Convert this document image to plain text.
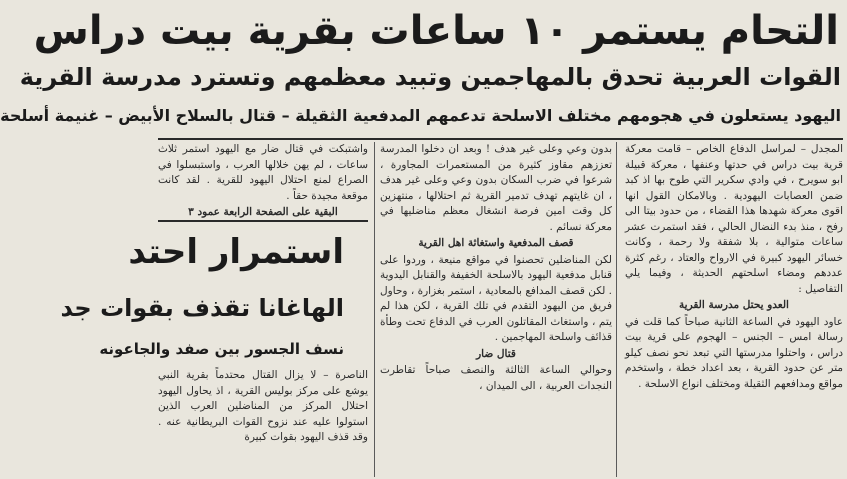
التحام يستمر ١٠ ساعات بقرية بيت دراس
القوات العربية تحدق بالمهاجمين وتبيد معظمهم وتسترد مدرسة القرية
اليهود يستعلون في هجومهم مختلف الاسلحة تدعمهم المدفعية الثقيلة – قتال بالسلاح الأبيض – غنيمة أسلحة

المجدل – لمراسل الدفاع الخاص – قامت معركة قرية بيت دراس في حدتها وعنفها ، معركة قبيلة ابو سويرح ، في وادي سكرير التي طوح بها اذ كبد ضمن العصابات اليهودية . وبالامكان القول انها اقوى معركة شهدها هذا القضاء ، من حدود بيتا الى رفح ، منذ بدء النضال الحالي ، فقد استمرت عشر ساعات متوالية ، بلا شفقة ولا رحمة ، وكانت خسائر اليهود كبيرة في الارواح والعتاد ، رغم كثرة عددهم ومضاء اسلحتهم الحديثة ، وفيما يلي التفاصيل :

العدو يحتل مدرسة القرية

عاود اليهود في الساعة الثانية صباحاً كما قلت في رسالة امس – الجنس – الهجوم على قرية بيت دراس ، واحتلوا مدرستها التي تبعد نحو نصف كيلو متر عن حدود القرية ، بعد اعداد خطة ، واستخدم مواقع ومدافعهم الثقيلة ومختلف انواع الاسلحة .

بدون وعي وعلى غير هدف ! وبعد ان دخلوا المدرسة تعززهم مقاوز كثيرة من المستعمرات المجاورة ، شرعوا في ضرب السكان بدون وعي وعلى غير هدف ، ان غايتهم تهدف تدمير القرية ثم احتلالها ، منتهزين كل وقت امين فرصة انشغال معظم مناضليها في معركة نسائم .

قصف المدفعية واستغاثة اهل القرية

لكن المناضلين تحصنوا في مواقع منيعة ، وردوا على قنابل مدفعية اليهود بالاسلحة الخفيفة والقنابل اليدوية . لكن قصف المدافع بالمعادية ، استمر بغزارة ، وحاول فريق من اليهود التقدم في تلك القرية ، لكن هذا لم يتم ، واستغاث المقاتلون العرب في الدفاع تحت وطأة قذائف واسلحة المهاجمين .

قتال ضار

وحوالي الساعة الثالثة والنصف صباحاً تقاطرت النجدات العربية ، الى الميدان ،

واشتبكت في قتال ضار مع اليهود استمر ثلاث ساعات ، لم يهن خلالها العرب ، واستبسلوا في الصراع لمنع احتلال اليهود للقرية . لقد كانت موقعة مجيدة حقاً .

البقية على الصفحة الرابعة عمود ٣
استمرار احتد
الهاغانا تقذف بقوات جد
نسف الجسور بين صفد والجاعونه

الناصرة – لا يزال القتال محتدماً بقرية النبي يوشع على مركز بوليس القرية ، اذ يحاول اليهود احتلال المركز من المناضلين العرب الذين استولوا عليه عند نزوح القوات البريطانية عنه . وقد قذف اليهود بقوات كبيرة
